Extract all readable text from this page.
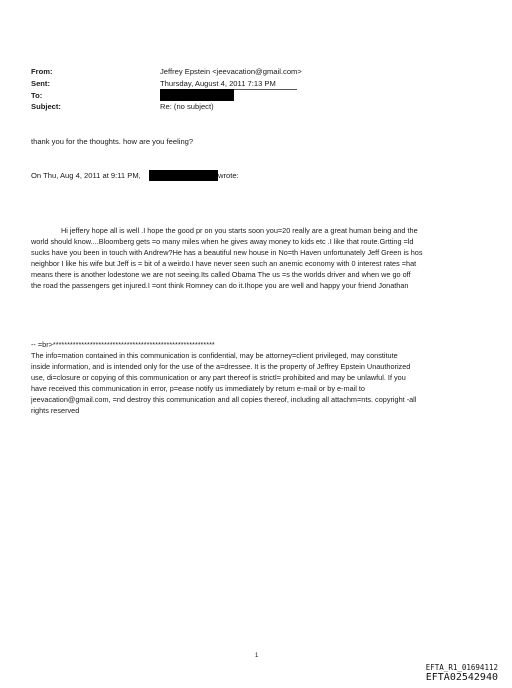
From:
Sent:
To:
Subject:
Jeffrey Epstein <jeevacation@gmail.com>
Thursday, August 4, 2011 7:13 PM
Re: (no subject)
thank you for the thoughts. how are you feeling?
On Thu, Aug 4, 2011 at 9:11 PM,	wrote:
Hi jeffery hope all is well .I hope the good pr on you starts soon you=20 really are a great human being and the
world should know....Bloomberg gets =o many miles when he gives away money to kids etc .I like that route.Grtting =ld
sucks have you been in touch with Andrew?He has a beautiful new house in No=th Haven unfortunately Jeff Green is hos
neighbor I like his wife but Jeff is = bit of a weirdo.I have never seen such an anemic economy with 0 interest rates =hat
means there is another lodestone we are not seeing.Its called Obama The us =s the worlds driver and when we go off
the road the passengers get injured.I =ont think Romney can do it.Ihope you are well and happy your friend Jonathan
-- =br>*********************************************************
The info=mation contained in this communication is confidential, may be attorney=client privileged, may constitute
inside information, and is intended only for the use of the a=dressee. It is the property of Jeffrey Epstein Unauthorized
use, di=closure or copying of this communication or any part thereof is strictl= prohibited and may be unlawful. If you
have received this communication in error, p=ease notify us immediately by return e-mail or by e-mail to
jeevacation@gmail.com, =nd destroy this communication and all copies thereof, including all attachm=nts. copyright -all
rights reserved
1
EFTA_R1_01694112
EFTA02542940
